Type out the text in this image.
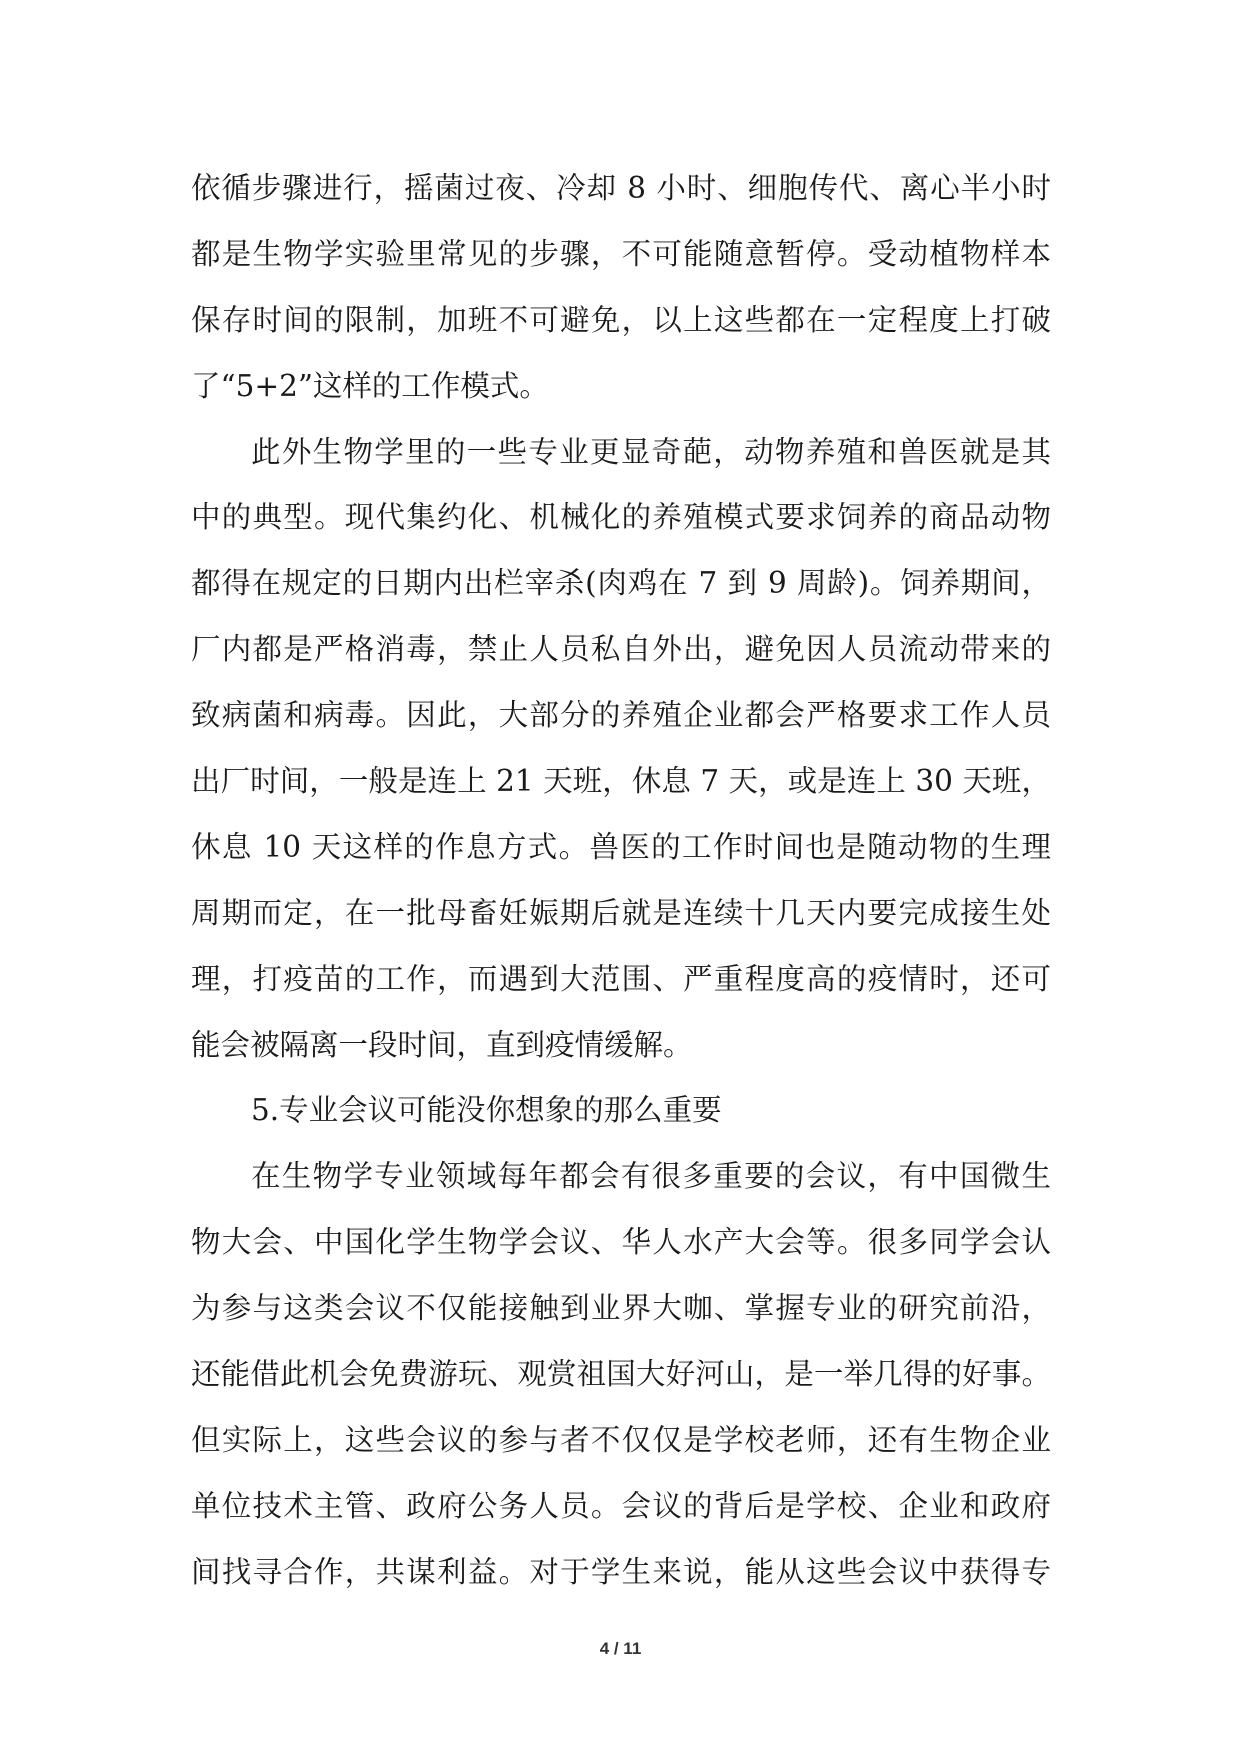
依循步骤进行，摇菌过夜、冷却 8 小时、细胞传代、离心半小时
都是生物学实验里常见的步骤，不可能随意暂停。受动植物样本
保存时间的限制，加班不可避免，以上这些都在一定程度上打破
了“5+2”这样的工作模式。
此外生物学里的一些专业更显奇葩，动物养殖和兽医就是其
中的典型。现代集约化、机械化的养殖模式要求饲养的商品动物
都得在规定的日期内出栏宰杀(肉鸡在 7 到 9 周龄)。饲养期间，
厂内都是严格消毒，禁止人员私自外出，避免因人员流动带来的
致病菌和病毒。因此，大部分的养殖企业都会严格要求工作人员
出厂时间，一般是连上 21 天班，休息 7 天，或是连上 30 天班，
休息 10 天这样的作息方式。兽医的工作时间也是随动物的生理
周期而定，在一批母畜妊娠期后就是连续十几天内要完成接生处
理，打疫苗的工作，而遇到大范围、严重程度高的疫情时，还可
能会被隔离一段时间，直到疫情缓解。
5.专业会议可能没你想象的那么重要
在生物学专业领域每年都会有很多重要的会议，有中国微生
物大会、中国化学生物学会议、华人水产大会等。很多同学会认
为参与这类会议不仅能接触到业界大咖、掌握专业的研究前沿，
还能借此机会免费游玩、观赏祖国大好河山，是一举几得的好事。
但实际上，这些会议的参与者不仅仅是学校老师，还有生物企业
单位技术主管、政府公务人员。会议的背后是学校、企业和政府
间找寻合作，共谋利益。对于学生来说，能从这些会议中获得专
4 / 11
